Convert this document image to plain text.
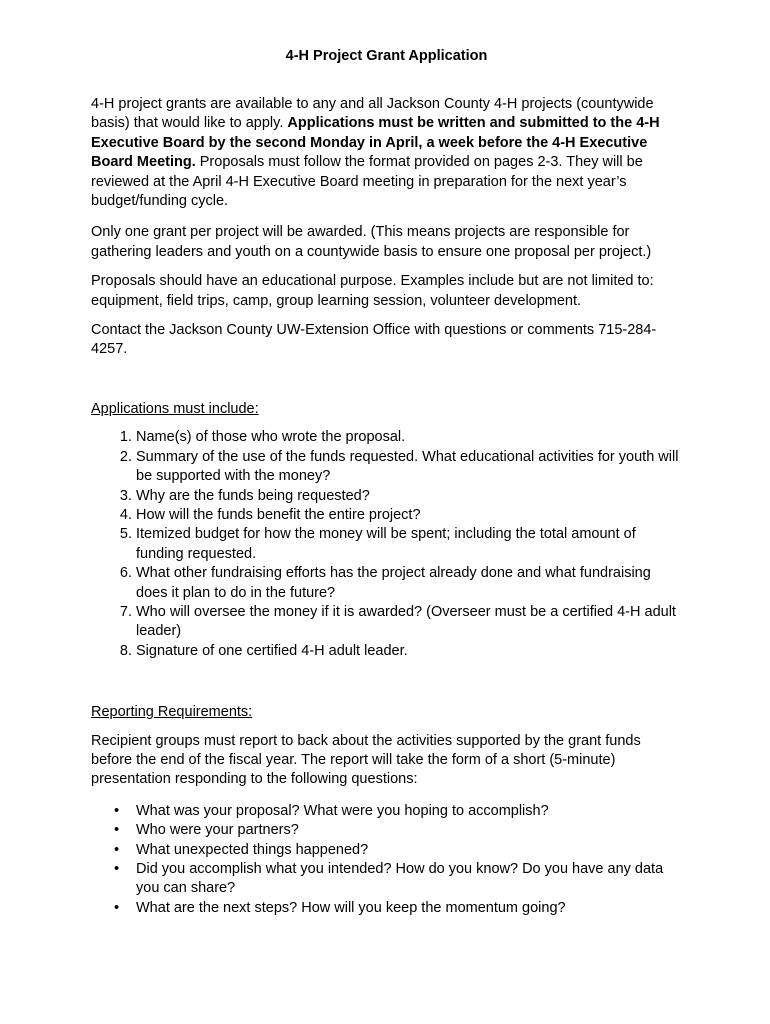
4-H Project Grant Application

4-H project grants are available to any and all Jackson County 4-H projects (countywide basis) that would like to apply. Applications must be written and submitted to the 4-H Executive Board by the second Monday in April, a week before the 4-H Executive Board Meeting. Proposals must follow the format provided on pages 2-3. They will be reviewed at the April 4-H Executive Board meeting in preparation for the next year’s budget/funding cycle.

Only one grant per project will be awarded. (This means projects are responsible for gathering leaders and youth on a countywide basis to ensure one proposal per project.)

Proposals should have an educational purpose. Examples include but are not limited to: equipment, field trips, camp, group learning session, volunteer development.

Contact the Jackson County UW-Extension Office with questions or comments 715-284-4257.

Applications must include:
1. Name(s) of those who wrote the proposal.
2. Summary of the use of the funds requested. What educational activities for youth will be supported with the money?
3. Why are the funds being requested?
4. How will the funds benefit the entire project?
5. Itemized budget for how the money will be spent; including the total amount of funding requested.
6. What other fundraising efforts has the project already done and what fundraising does it plan to do in the future?
7. Who will oversee the money if it is awarded? (Overseer must be a certified 4-H adult leader)
8. Signature of one certified 4-H adult leader.
Reporting Requirements:

Recipient groups must report to back about the activities supported by the grant funds before the end of the fiscal year. The report will take the form of a short (5-minute) presentation responding to the following questions:

• What was your proposal? What were you hoping to accomplish?
• Who were your partners?
• What unexpected things happened?
• Did you accomplish what you intended? How do you know? Do you have any data you can share?
• What are the next steps? How will you keep the momentum going?
